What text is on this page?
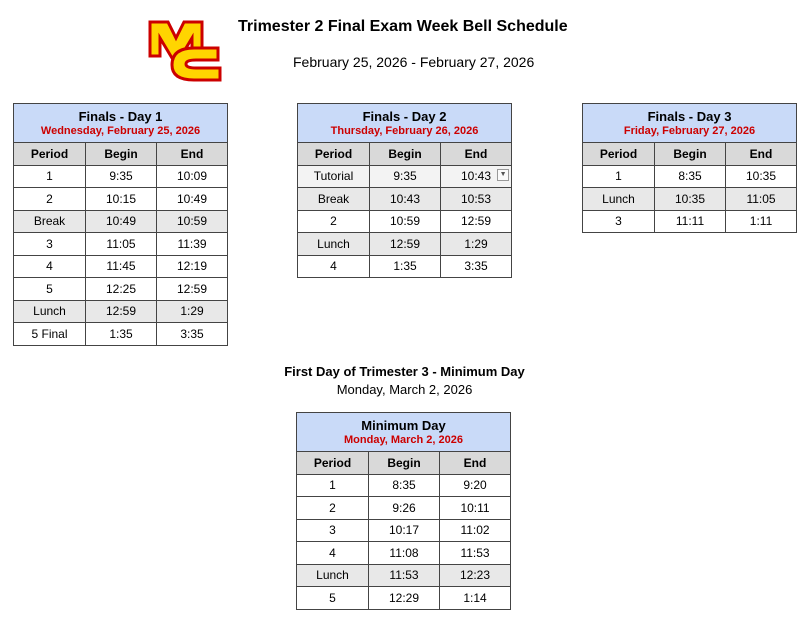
Trimester 2 Final Exam Week Bell Schedule
February 25, 2026 - February 27, 2026
Finals - Day 1
Wednesday, February 25, 2026		

Period	Begin	End
1	9:35	10:09
2	10:15	10:49
Break	10:49	10:59
3	11:05	11:39
4	11:45	12:19
5	12:25	12:59
Lunch	12:59	1:29
5 Final	1:35	3:35
Finals - Day 2
Thursday, February 26, 2026		

Period	Begin	End
Tutorial	9:35	10:43 ▼

Break	10:43	10:53
2	10:59	12:59
Lunch	12:59	1:29
4	1:35	3:35
Finals - Day 3
Friday, February 27, 2026		

Period	Begin	End
1	8:35	10:35
Lunch	10:35	11:05
3	11:11	1:11
First Day of Trimester 3 - Minimum Day
Monday, March 2, 2026
Minimum Day
Monday, March 2, 2026		

Period	Begin	End
1	8:35	9:20
2	9:26	10:11
3	10:17	11:02
4	11:08	11:53
Lunch	11:53	12:23
5	12:29	1:14
